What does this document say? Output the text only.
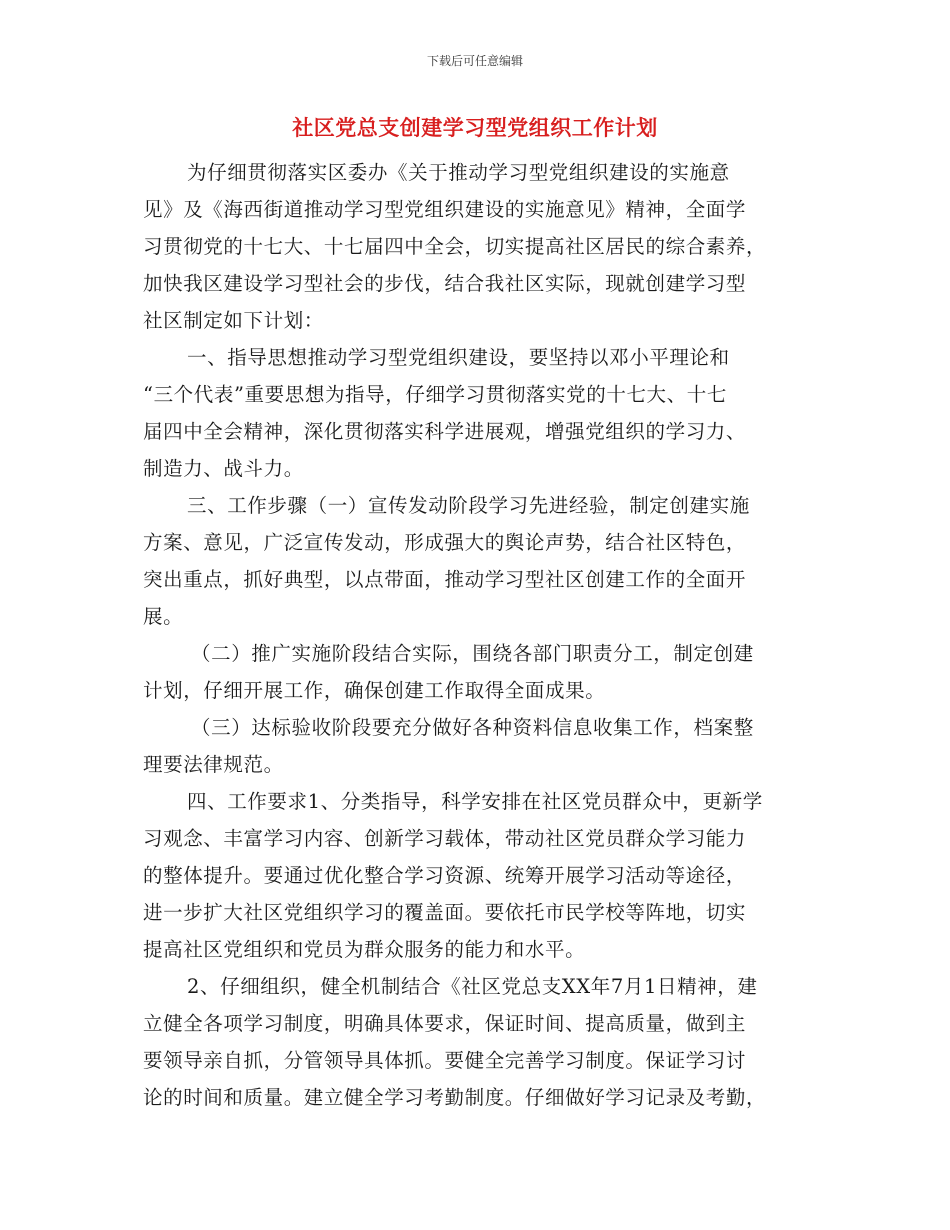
下载后可任意编辑
社区党总支创建学习型党组织工作计划
为仔细贯彻落实区委办《关于推动学习型党组织建设的实施意
见》及《海西街道推动学习型党组织建设的实施意见》精神，全面学
习贯彻党的十七大、十七届四中全会，切实提高社区居民的综合素养，
加快我区建设学习型社会的步伐，结合我社区实际，现就创建学习型
社区制定如下计划：
一、指导思想推动学习型党组织建设，要坚持以邓小平理论和
“三个代表”重要思想为指导，仔细学习贯彻落实党的十七大、十七
届四中全会精神，深化贯彻落实科学进展观，增强党组织的学习力、
制造力、战斗力。
三、工作步骤（一）宣传发动阶段学习先进经验，制定创建实施
方案、意见，广泛宣传发动，形成强大的舆论声势，结合社区特色，
突出重点，抓好典型，以点带面，推动学习型社区创建工作的全面开
展。
（二）推广实施阶段结合实际，围绕各部门职责分工，制定创建
计划，仔细开展工作，确保创建工作取得全面成果。
（三）达标验收阶段要充分做好各种资料信息收集工作，档案整
理要法律规范。
四、工作要求1、分类指导，科学安排在社区党员群众中，更新学
习观念、丰富学习内容、创新学习载体，带动社区党员群众学习能力
的整体提升。要通过优化整合学习资源、统筹开展学习活动等途径，
进一步扩大社区党组织学习的覆盖面。要依托市民学校等阵地，切实
提高社区党组织和党员为群众服务的能力和水平。
2、仔细组织，健全机制结合《社区党总支XX年7月1日精神，建
立健全各项学习制度，明确具体要求，保证时间、提高质量，做到主
要领导亲自抓，分管领导具体抓。要健全完善学习制度。保证学习讨
论的时间和质量。建立健全学习考勤制度。仔细做好学习记录及考勤，
